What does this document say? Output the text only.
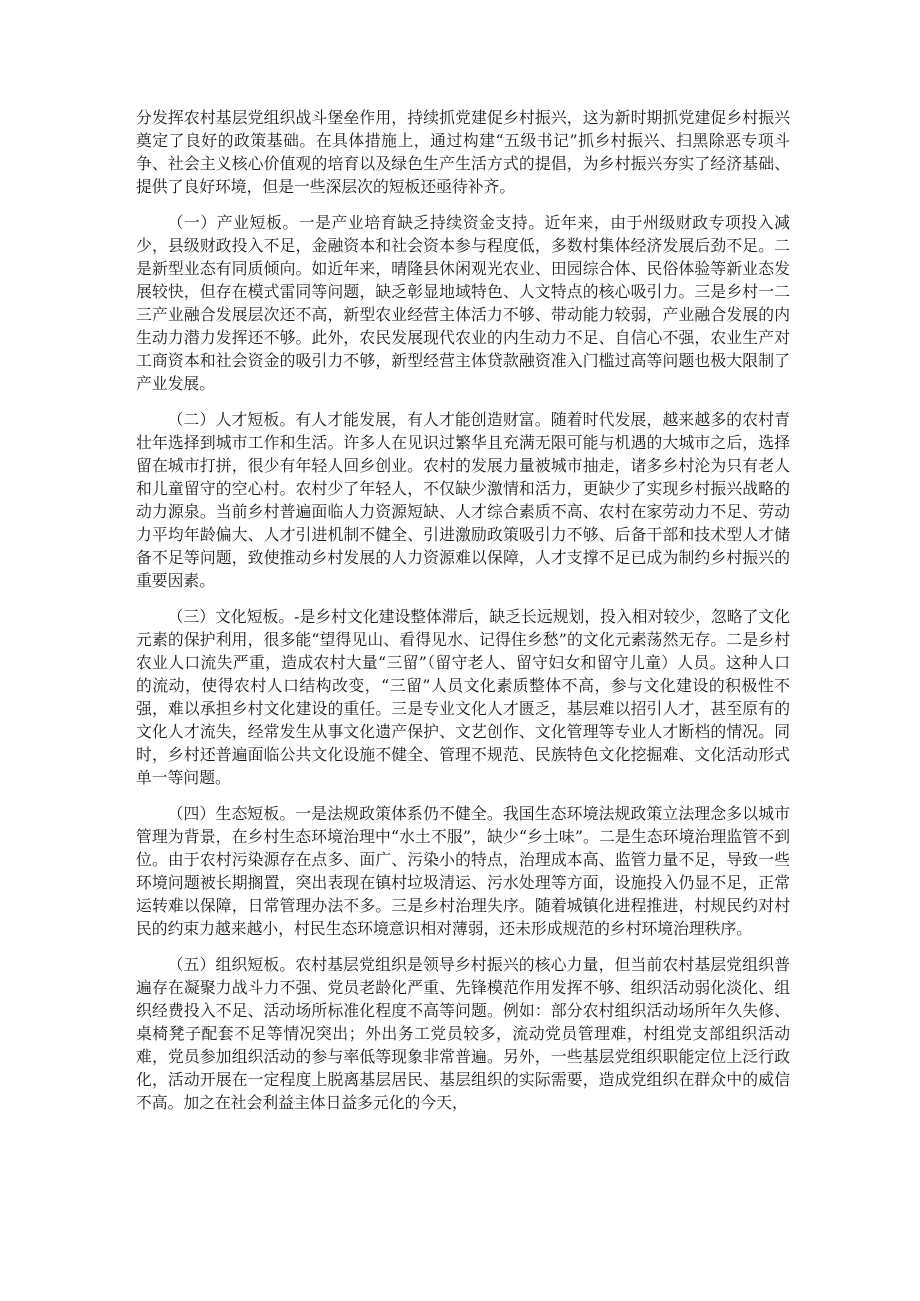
分发挥农村基层党组织战斗堡垒作用，持续抓党建促乡村振兴，这为新时期抓党建促乡村振兴奠定了良好的政策基础。在具体措施上，通过构建“五级书记”抓乡村振兴、扫黑除恶专项斗争、社会主义核心价值观的培育以及绿色生产生活方式的提倡，为乡村振兴夯实了经济基础、提供了良好环境，但是一些深层次的短板还亟待补齐。

（一）产业短板。一是产业培育缺乏持续资金支持。近年来，由于州级财政专项投入减少，县级财政投入不足，金融资本和社会资本参与程度低，多数村集体经济发展后劲不足。二是新型业态有同质倾向。如近年来，晴隆县休闲观光农业、田园综合体、民俗体验等新业态发展较快，但存在模式雷同等问题，缺乏彰显地域特色、人文特点的核心吸引力。三是乡村一二三产业融合发展层次还不高，新型农业经营主体活力不够、带动能力较弱，产业融合发展的内生动力潜力发挥还不够。此外，农民发展现代农业的内生动力不足、自信心不强，农业生产对工商资本和社会资金的吸引力不够，新型经营主体贷款融资准入门槛过高等问题也极大限制了产业发展。

（二）人才短板。有人才能发展，有人才能创造财富。随着时代发展，越来越多的农村青壮年选择到城市工作和生活。许多人在见识过繁华且充满无限可能与机遇的大城市之后，选择留在城市打拼，很少有年轻人回乡创业。农村的发展力量被城市抽走，诸多乡村沦为只有老人和儿童留守的空心村。农村少了年轻人，不仅缺少激情和活力，更缺少了实现乡村振兴战略的动力源泉。当前乡村普遍面临人力资源短缺、人才综合素质不高、农村在家劳动力不足、劳动力平均年龄偏大、人才引进机制不健全、引进激励政策吸引力不够、后备干部和技术型人才储备不足等问题，致使推动乡村发展的人力资源难以保障，人才支撑不足已成为制约乡村振兴的重要因素。

（三）文化短板。-是乡村文化建设整体滞后，缺乏长远规划，投入相对较少，忽略了文化元素的保护利用，很多能“望得见山、看得见水、记得住乡愁”的文化元素荡然无存。二是乡村农业人口流失严重，造成农村大量“三留”（留守老人、留守妇女和留守儿童）人员。这种人口的流动，使得农村人口结构改变，“三留”人员文化素质整体不高，参与文化建设的积极性不强，难以承担乡村文化建设的重任。三是专业文化人才匮乏，基层难以招引人才，甚至原有的文化人才流失，经常发生从事文化遗产保护、文艺创作、文化管理等专业人才断档的情况。同时，乡村还普遍面临公共文化设施不健全、管理不规范、民族特色文化挖掘难、文化活动形式单一等问题。

（四）生态短板。一是法规政策体系仍不健全。我国生态环境法规政策立法理念多以城市管理为背景，在乡村生态环境治理中“水土不服”，缺少“乡土味”。二是生态环境治理监管不到位。由于农村污染源存在点多、面广、污染小的特点，治理成本高、监管力量不足，导致一些环境问题被长期搁置，突出表现在镇村垃圾清运、污水处理等方面，设施投入仍显不足，正常运转难以保障，日常管理办法不多。三是乡村治理失序。随着城镇化进程推进，村规民约对村民的约束力越来越小，村民生态环境意识相对薄弱，还未形成规范的乡村环境治理秩序。

（五）组织短板。农村基层党组织是领导乡村振兴的核心力量，但当前农村基层党组织普遍存在凝聚力战斗力不强、党员老龄化严重、先锋模范作用发挥不够、组织活动弱化淡化、组织经费投入不足、活动场所标准化程度不高等问题。例如：部分农村组织活动场所年久失修、桌椅凳子配套不足等情况突出；外出务工党员较多，流动党员管理难，村组党支部组织活动难，党员参加组织活动的参与率低等现象非常普遍。另外，一些基层党组织职能定位上泛行政化，活动开展在一定程度上脱离基层居民、基层组织的实际需要，造成党组织在群众中的威信不高。加之在社会利益主体日益多元化的今天，
